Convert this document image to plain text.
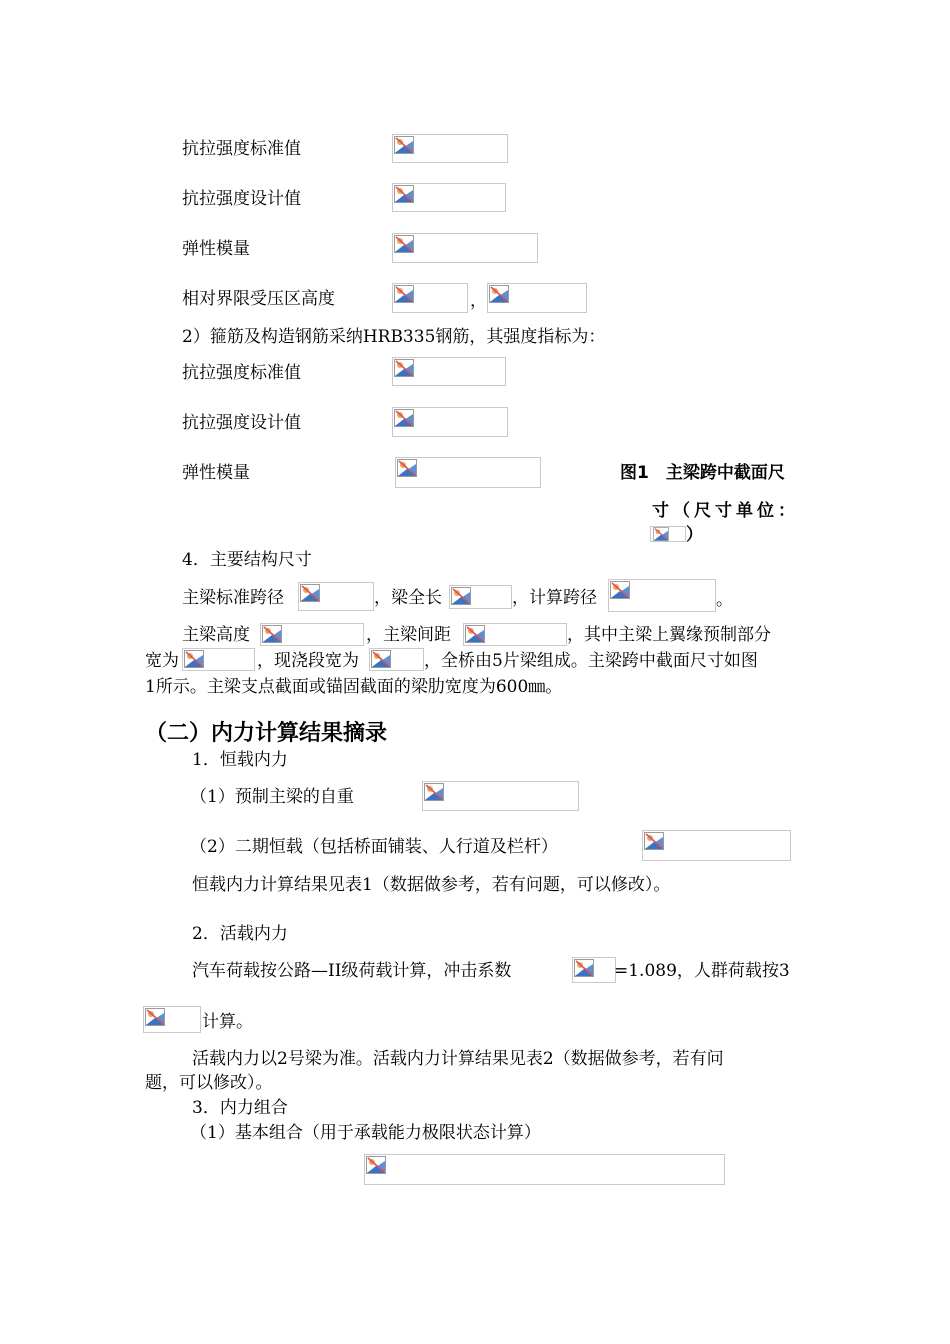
抗拉强度标准值
抗拉强度设计值
弹性模量
相对界限受压区高度	，
2）箍筋及构造钢筋采纳HRB335钢筋，其强度指标为：
抗拉强度标准值
抗拉强度设计值
弹性模量	图1　主梁跨中截面尺
寸（尺寸单位：
）
4．主要结构尺寸
主梁标准跨径	，梁全长	，计算跨径	。
主梁高度	，主梁间距	，其中主梁上翼缘预制部分
宽为	，现浇段宽为	，全桥由5片梁组成。主梁跨中截面尺寸如图
1所示。主梁支点截面或锚固截面的梁肋宽度为600㎜。
（二）内力计算结果摘录
1．恒载内力
（1）预制主梁的自重
（2）二期恒载（包括桥面铺装、人行道及栏杆）
恒载内力计算结果见表1（数据做参考，若有问题，可以修改）。
2．活载内力
汽车荷载按公路—II级荷载计算，冲击系数	=1.089，人群荷载按3
计算。
活载内力以2号梁为准。活载内力计算结果见表2（数据做参考，若有问
题，可以修改）。
3．内力组合
（1）基本组合（用于承载能力极限状态计算）
